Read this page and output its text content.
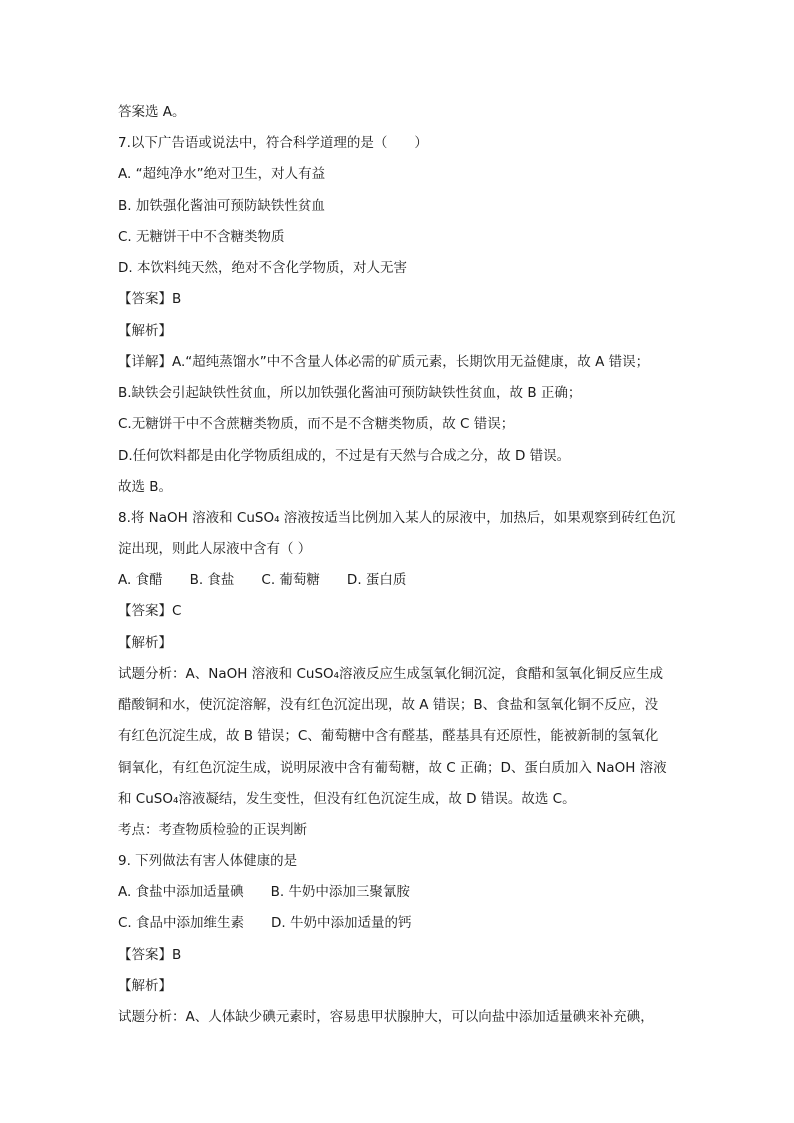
答案选 A。
7.以下广告语或说法中，符合科学道理的是（　　）
A. “超纯净水”绝对卫生，对人有益
B. 加铁强化酱油可预防缺铁性贫血
C. 无糖饼干中不含糖类物质
D. 本饮料纯天然，绝对不含化学物质，对人无害
【答案】B
【解析】
【详解】A.“超纯蒸馏水”中不含量人体必需的矿质元素，长期饮用无益健康，故 A 错误；
B.缺铁会引起缺铁性贫血，所以加铁强化酱油可预防缺铁性贫血，故 B 正确；
C.无糖饼干中不含蔗糖类物质，而不是不含糖类物质，故 C 错误；
D.任何饮料都是由化学物质组成的，不过是有天然与合成之分，故 D 错误。
故选 B。
8.将 NaOH 溶液和 CuSO₄ 溶液按适当比例加入某人的尿液中，加热后，如果观察到砖红色沉
淀出现，则此人尿液中含有（ ）
A. 食醋　　B. 食盐　　C. 葡萄糖　　D. 蛋白质
【答案】C
【解析】
试题分析：A、NaOH 溶液和 CuSO₄溶液反应生成氢氧化铜沉淀，食醋和氢氧化铜反应生成
醋酸铜和水，使沉淀溶解，没有红色沉淀出现，故 A 错误；B、食盐和氢氧化铜不反应，没
有红色沉淀生成，故 B 错误；C、葡萄糖中含有醛基，醛基具有还原性，能被新制的氢氧化
铜氧化，有红色沉淀生成，说明尿液中含有葡萄糖，故 C 正确；D、蛋白质加入 NaOH 溶液
和 CuSO₄溶液凝结，发生变性，但没有红色沉淀生成，故 D 错误。故选 C。
考点：考查物质检验的正误判断
9. 下列做法有害人体健康的是
A. 食盐中添加适量碘　　B. 牛奶中添加三聚氰胺
C. 食品中添加维生素　　D. 牛奶中添加适量的钙
【答案】B
【解析】
试题分析：A、人体缺少碘元素时，容易患甲状腺肿大，可以向盐中添加适量碘来补充碘，
